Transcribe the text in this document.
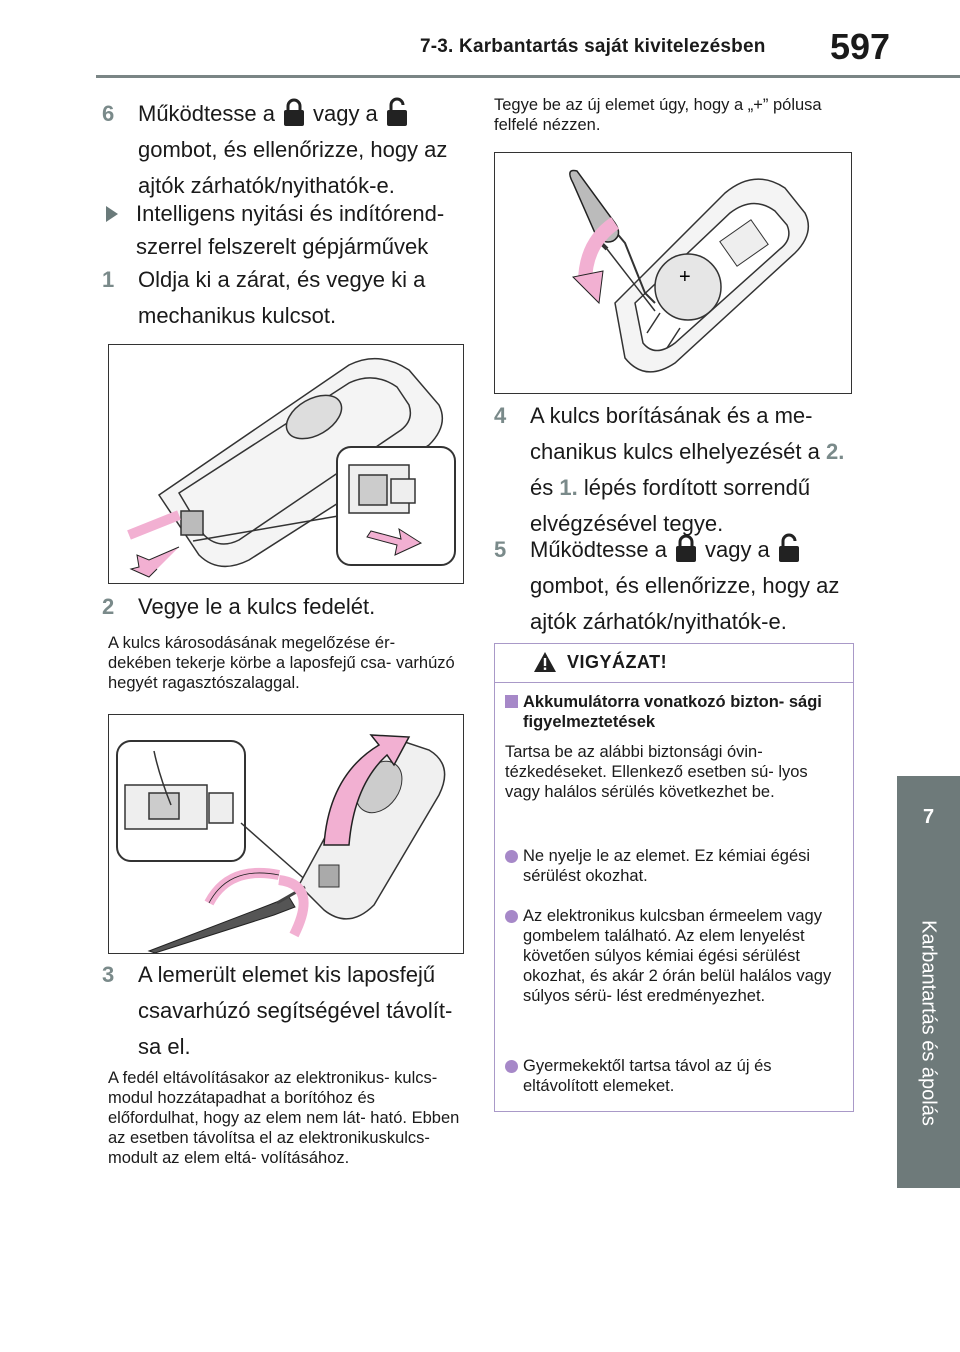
7-3. Karbantartás saját kivitelezésben 597
7
Karbantartás és ápolás
6	Működtesse a vagy a
gombot, és ellenőrizze, hogy az ajtók zárhatók/nyithatók-e.
Intelligens nyitási és indítórend- szerrel felszerelt gépjárművek
1	Oldja ki a zárat, és vegye ki a mechanikus kulcsot.
2	Vegye le a kulcs fedelét.
A kulcs károsodásának megelőzése ér- dekében tekerje körbe a laposfejű csa- varhúzó hegyét ragasztószalaggal.
3	A lemerült elemet kis laposfejű csavarhúzó segítségével távolít- sa el.
A fedél eltávolításakor az elektronikus- kulcs-modul hozzátapadhat a borítóhoz és előfordulhat, hogy az elem nem lát- ható. Ebben az esetben távolítsa el az elektronikuskulcs-modult az elem eltá- volításához.
Tegye be az új elemet úgy, hogy a „+” pólusa felfelé nézzen.
+
4	A kulcs borításának és a me- chanikus kulcs elhelyezését a 2. és 1. lépés fordított sorrendű elvégzésével tegye.
5	Működtesse a vagy a
gombot, és ellenőrizze, hogy az ajtók zárhatók/nyithatók-e.
VIGYÁZAT!
Akkumulátorra vonatkozó bizton- sági figyelmeztetések
Tartsa be az alábbi biztonsági óvin- tézkedéseket. Ellenkező esetben sú- lyos vagy halálos sérülés következhet be.
Ne nyelje le az elemet. Ez kémiai égési sérülést okozhat.
Az elektronikus kulcsban érmeelem vagy gombelem található. Az elem lenyelést követően súlyos kémiai égési sérülést okozhat, és akár 2 órán belül halálos vagy súlyos sérü- lést eredményezhet.
Gyermekektől tartsa távol az új és eltávolított elemeket.
